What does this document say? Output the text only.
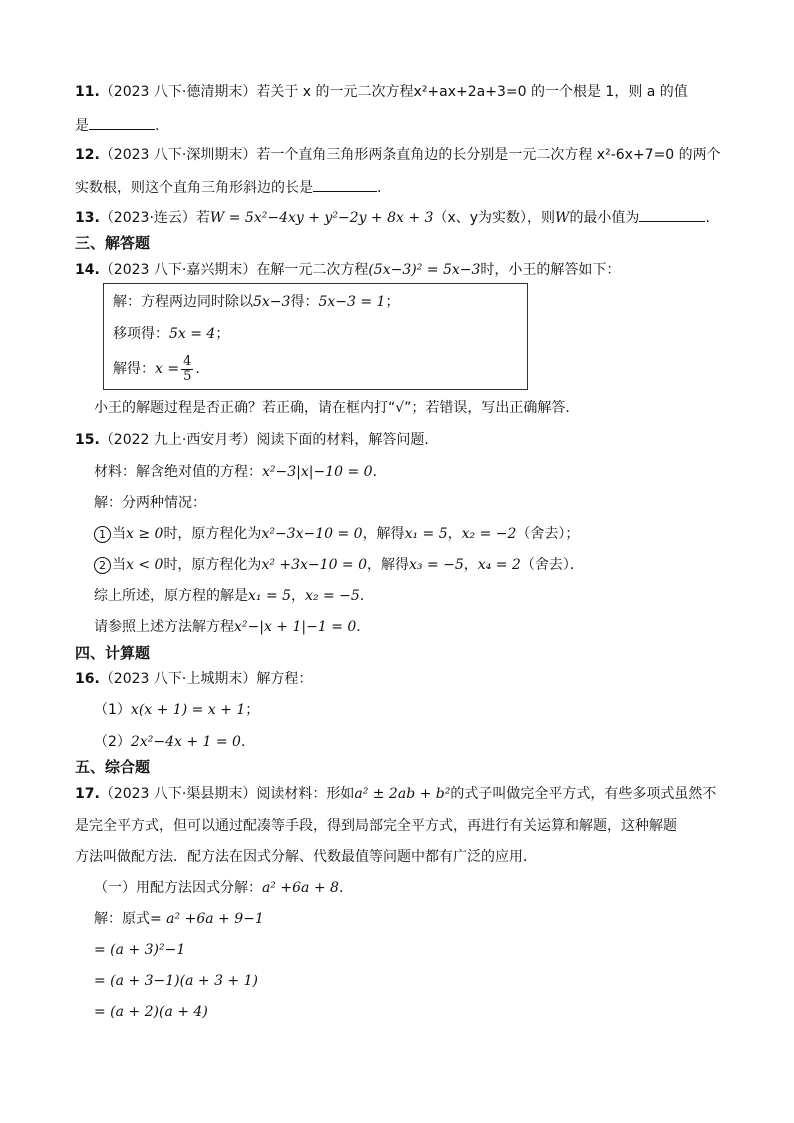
11.（2023 八下·德清期末）若关于 x 的一元二次方程x²+ax+2a+3=0 的一个根是 1，则 a 的值
是	.
12.（2023 八下·深圳期末）若一个直角三角形两条直角边的长分别是一元二次方程 x²-6x+7=0 的两个
实数根，则这个直角三角形斜边的长是	.
13.（2023·连云）若W = 5x²−4xy + y²−2y + 8x + 3（x、y为实数），则W的最小值为	.
三、解答题
14.（2023 八下·嘉兴期末）在解一元二次方程(5x−3)² = 5x−3时，小王的解答如下：
解：方程两边同时除以5x−3得：5x−3 = 1；
移项得：5x = 4；
解得：$x = \frac{4}{5}$ .
小王的解题过程是否正确？若正确，请在框内打“√”；若错误，写出正确解答．
15.（2022 九上·西安月考）阅读下面的材料，解答问题．
材料：解含绝对值的方程：x²−3|x|−10 = 0．
解：分两种情况：
1 当x ≥ 0时，原方程化为x²−3x−10 = 0，解得x₁ = 5，x₂ = −2（舍去）；
2 当x < 0时，原方程化为x² +3x−10 = 0，解得x₃ = −5，x₄ = 2（舍去）．
综上所述，原方程的解是x₁ = 5，x₂ = −5．
请参照上述方法解方程x²−|x + 1|−1 = 0．
四、计算题
16.（2023 八下·上城期末）解方程：
（1）x(x + 1) = x + 1；
（2）2x²−4x + 1 = 0．
五、综合题
17.（2023 八下·渠县期末）阅读材料：形如a² ± 2ab + b²的式子叫做完全平方式，有些多项式虽然不
是完全平方式，但可以通过配凑等手段，得到局部完全平方式，再进行有关运算和解题，这种解题
方法叫做配方法．配方法在因式分解、代数最值等问题中都有广泛的应用．
（一）用配方法因式分解：a² +6a + 8．
解：原式= a² +6a + 9−1
= (a + 3)²−1
= (a + 3−1)(a + 3 + 1)
= (a + 2)(a + 4)
